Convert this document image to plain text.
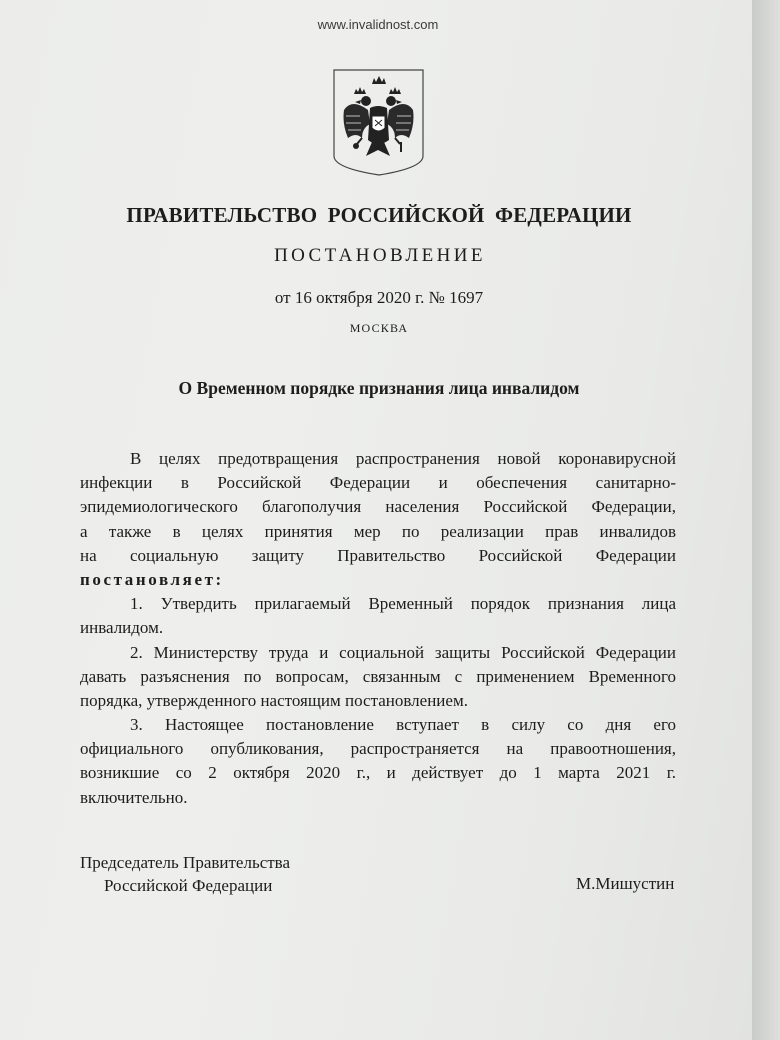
www.invalidnost.com
ПРАВИТЕЛЬСТВО РОССИЙСКОЙ ФЕДЕРАЦИИ
ПОСТАНОВЛЕНИЕ
от 16 октября 2020 г. № 1697
МОСКВА
О Временном порядке признания лица инвалидом
В целях предотвращения распространения новой коронавирусной
инфекции в Российской Федерации и обеспечения санитарно-
эпидемиологического благополучия населения Российской Федерации,
а также в целях принятия мер по реализации прав инвалидов
на социальную защиту Правительство Российской Федерации
постановляет:
1. Утвердить прилагаемый Временный порядок признания лица
инвалидом.
2. Министерству труда и социальной защиты Российской Федерации
давать разъяснения по вопросам, связанным с применением Временного
порядка, утвержденного настоящим постановлением.
3. Настоящее постановление вступает в силу со дня его
официального опубликования, распространяется на правоотношения,
возникшие со 2 октября 2020 г., и действует до 1 марта 2021 г.
включительно.
Председатель Правительства
Российской Федерации	М.Мишустин
